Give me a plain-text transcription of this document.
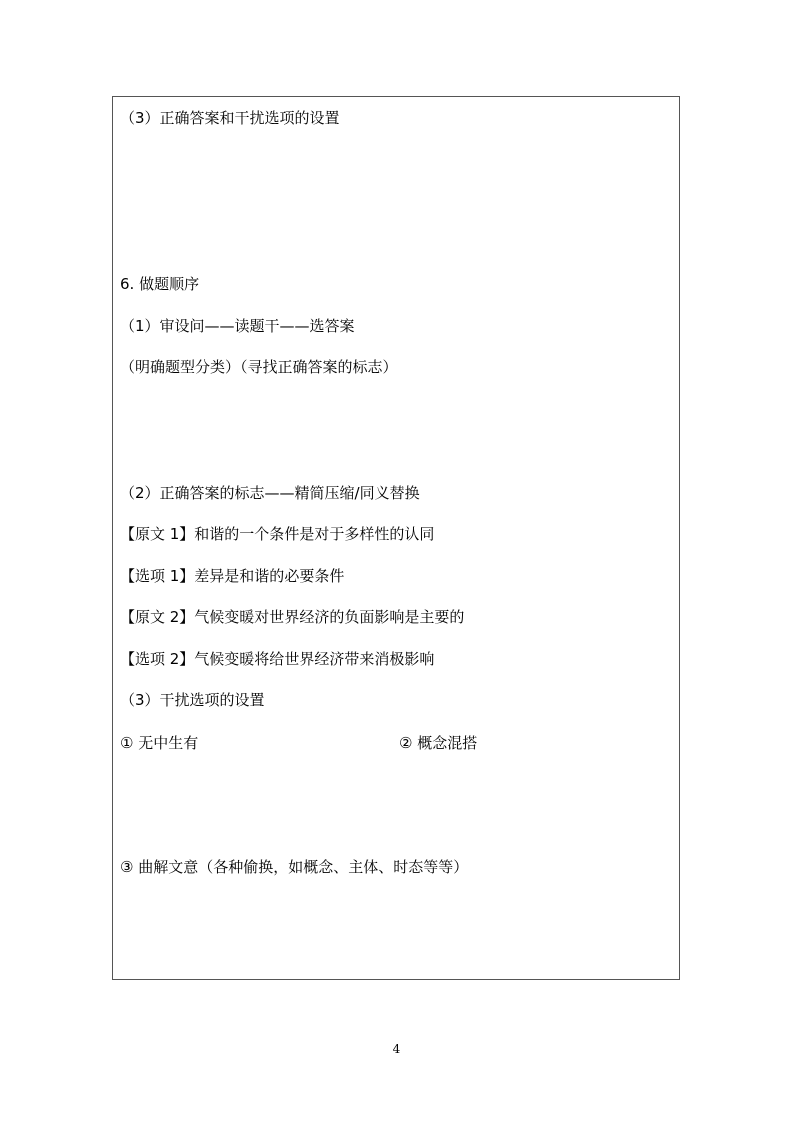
（3）正确答案和干扰选项的设置
6. 做题顺序
（1）审设问——读题干——选答案
（明确题型分类）（寻找正确答案的标志）
（2）正确答案的标志——精简压缩/同义替换
【原文 1】和谐的一个条件是对于多样性的认同
【选项 1】差异是和谐的必要条件
【原文 2】气候变暖对世界经济的负面影响是主要的
【选项 2】气候变暖将给世界经济带来消极影响
（3）干扰选项的设置
① 无中生有	② 概念混搭
③ 曲解文意（各种偷换，如概念、主体、时态等等）
4
